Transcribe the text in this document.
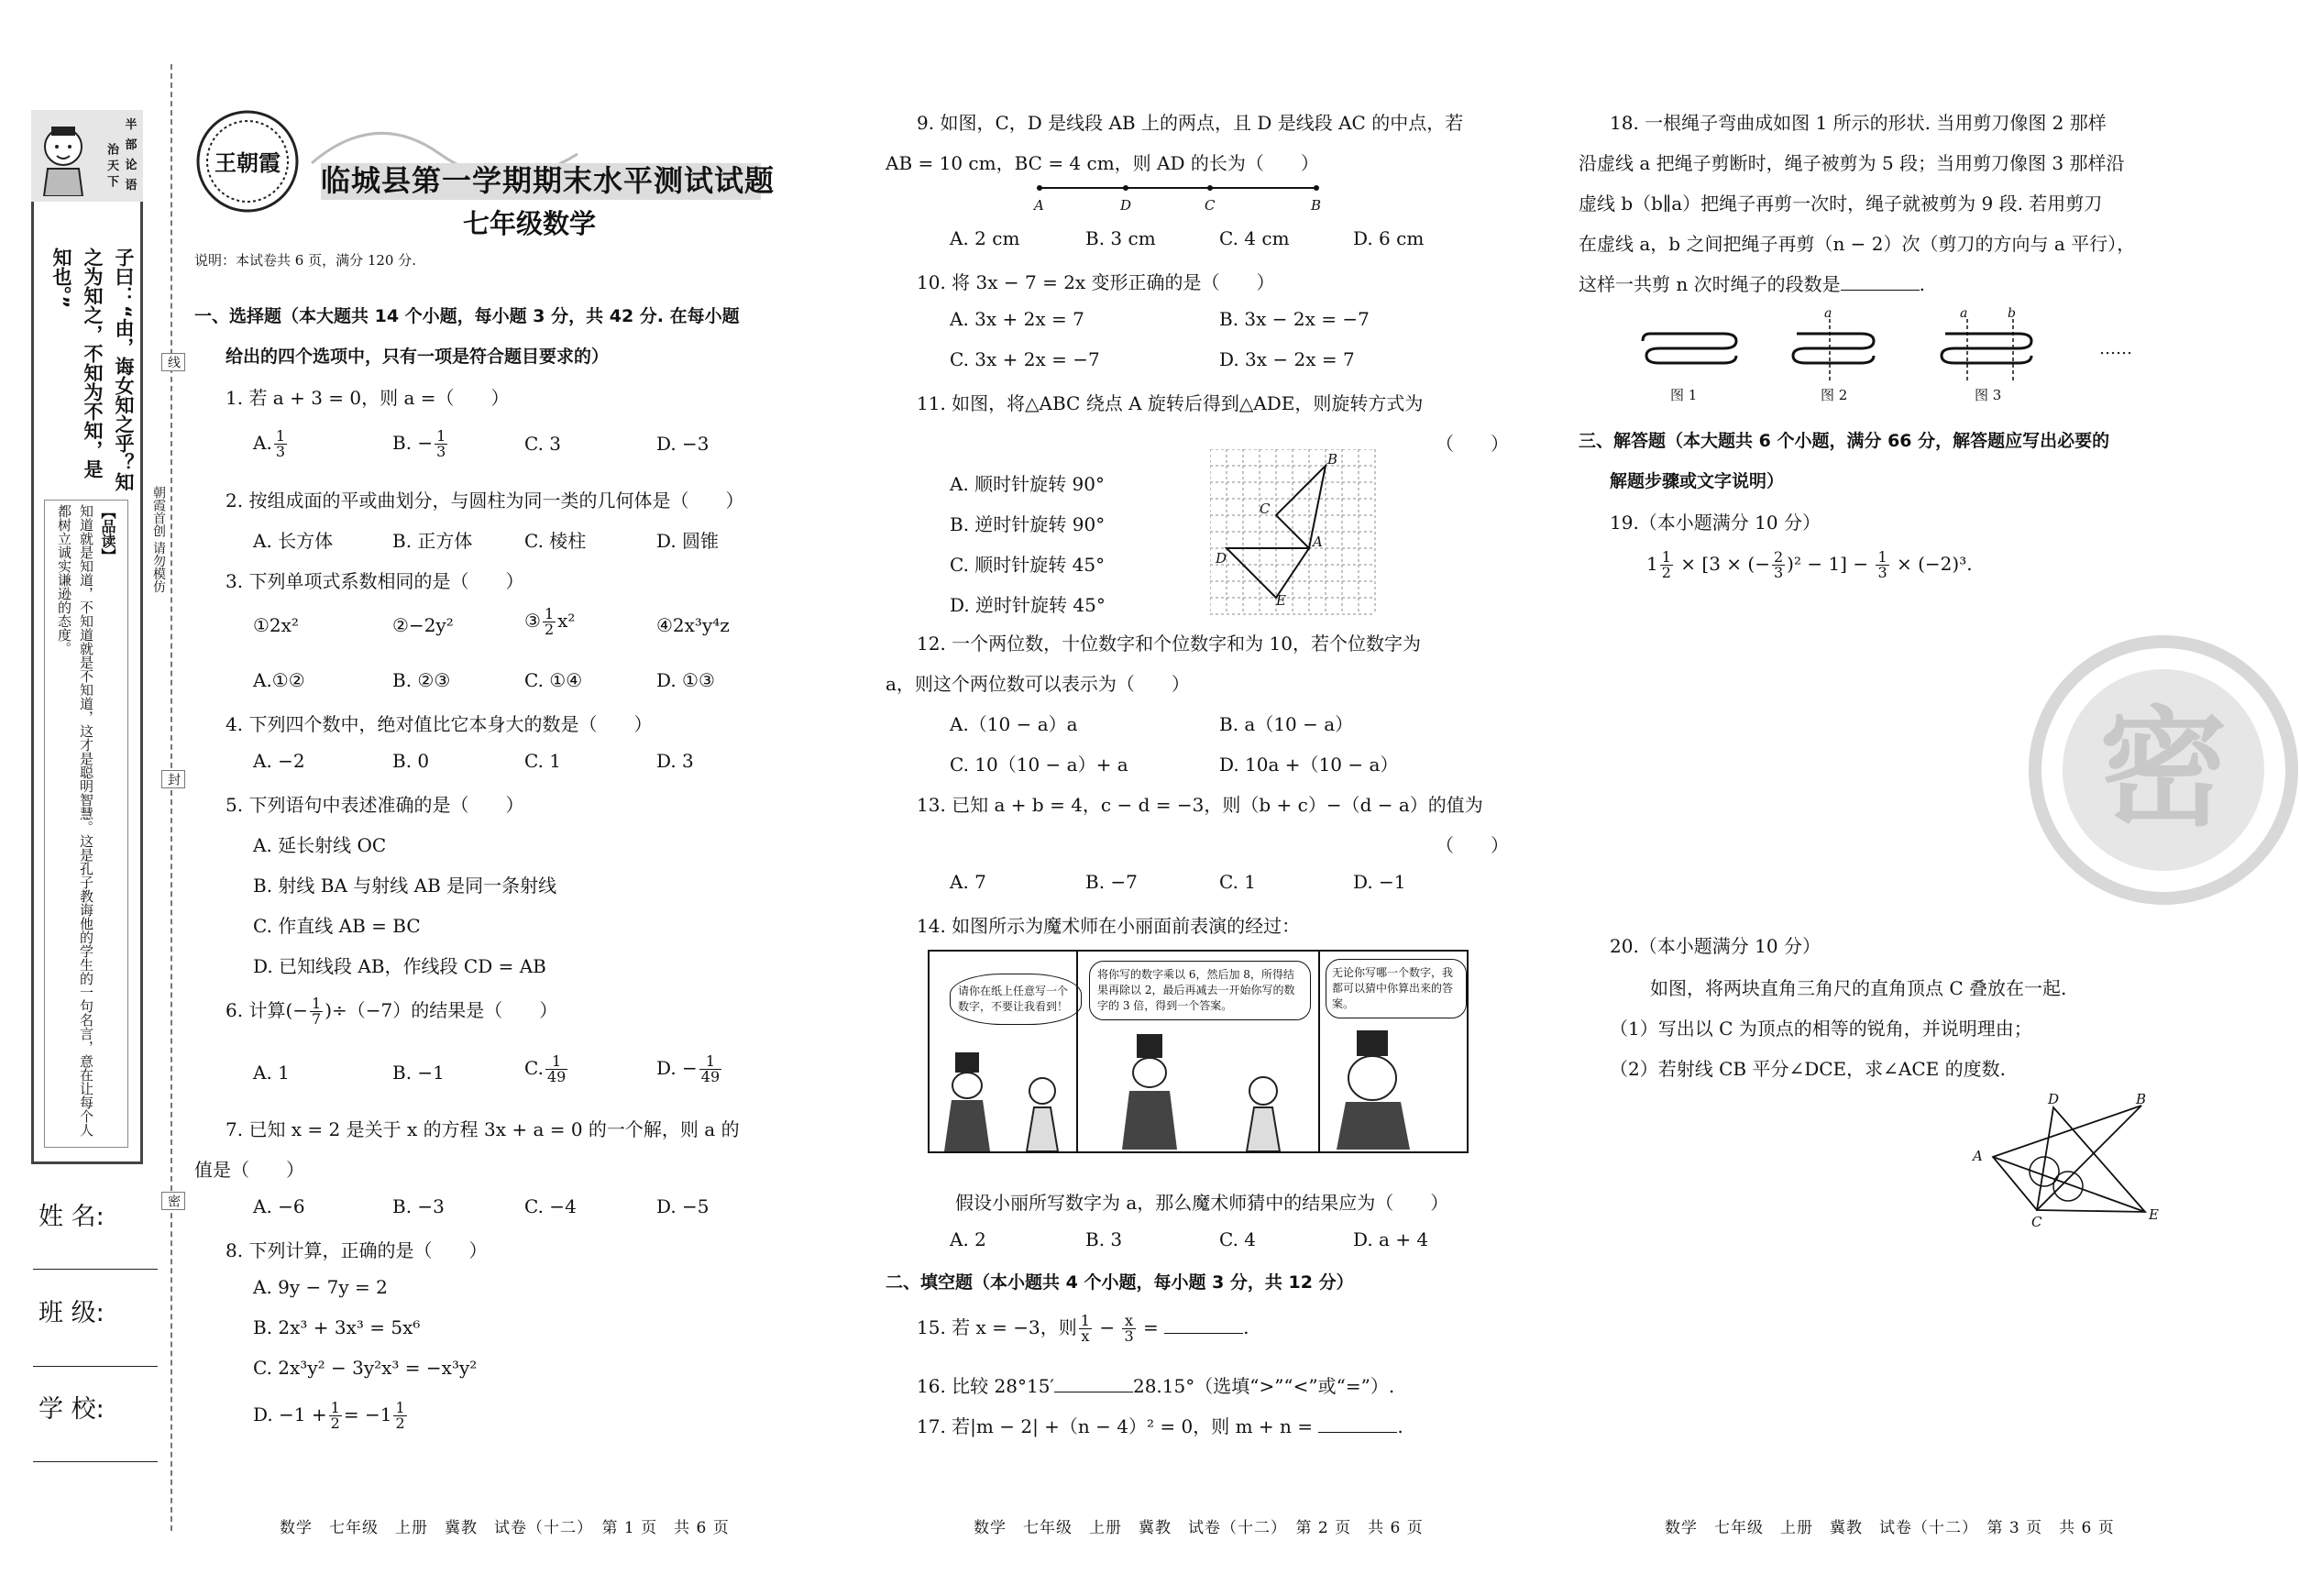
治 天 下
半
部
论
语
子曰：“由，诲女知之乎？知之为知之，不知为不知，是知也。”
【品读】
知道就是知道，不知道就是不知道，这才是聪明智慧。这是孔子教诲他的学生的一句名言，意在让每个人都树立诚实谦逊的态度。
线
封
密
朝霞首创 请勿模仿
姓 名:
班 级:
学 校:
王朝霞
临城县第一学期期末水平测试试题
七年级数学
说明：本试卷共 6 页，满分 120 分.
一、选择题（本大题共 14 个小题，每小题 3 分，共 42 分. 在每小题
给出的四个选项中，只有一项是符合题目要求的）
1. 若 a + 3 = 0，则 a =（　　）
A. $\frac{1}{3}$	B. − $\frac{1}{3}$	C. 3	D. −3
2. 按组成面的平或曲划分，与圆柱为同一类的几何体是（　　）
A. 长方体	B. 正方体	C. 棱柱	D. 圆锥
3. 下列单项式系数相同的是（　　）
①2x²	②−2y²	③ $\frac{1}{2} x^2$	④2x³y⁴z
A.①②	B. ②③	C. ①④	D. ①③
4. 下列四个数中，绝对值比它本身大的数是（　　）
A. −2	B. 0	C. 1	D. 3
5. 下列语句中表述准确的是（　　）
A. 延长射线 OC
B. 射线 BA 与射线 AB 是同一条射线
C. 作直线 AB = BC
D. 已知线段 AB，作线段 CD = AB
6. 计算(− $\frac{1}{7} )\div(-7)$的结果是（　　）
A. 1	B. −1	C. $\frac{1}{49}$	D. − $\frac{1}{49}$
7. 已知 x = 2 是关于 x 的方程 3x + a = 0 的一个解，则 a 的
值是（　　）
A. −6	B. −3	C. −4	D. −5
8. 下列计算，正确的是（　　）
A. 9y − 7y = 2
B. 2x³ + 3x³ = 5x⁶
C. 2x³y² − 3y²x³ = −x³y²
D. $-1 + \frac{1}{2} = -1 \frac{1}{2}$
数学　七年级　上册　冀教　试卷（十二）　第 1 页　共 6 页
9. 如图，C，D 是线段 AB 上的两点，且 D 是线段 AC 的中点，若
AB = 10 cm，BC = 4 cm，则 AD 的长为（　　）
A	D	C	B
A. 2 cm	B. 3 cm	C. 4 cm	D. 6 cm
10. 将 3x − 7 = 2x 变形正确的是（　　）
A. 3x + 2x = 7	B. 3x − 2x = −7
C. 3x + 2x = −7	D. 3x − 2x = 7
11. 如图，将△ABC 绕点 A 旋转后得到△ADE，则旋转方式为
（　　）
A. 顺时针旋转 90°
B. 逆时针旋转 90°
C. 顺时针旋转 45°
D. 逆时针旋转 45°
B
C
A
D
E
12. 一个两位数，十位数字和个位数字和为 10，若个位数字为
a，则这个两位数可以表示为（　　）
A.（10 − a）a	B. a（10 − a）
C. 10（10 − a）+ a	D. 10a +（10 − a）
13. 已知 a + b = 4，c − d = −3，则（b + c）−（d − a）的值为
（　　）
A. 7	B. −7	C. 1	D. −1
14. 如图所示为魔术师在小丽面前表演的经过：
请你在纸上任意写一个数字，不要让我看到！
将你写的数字乘以 6，然后加 8，所得结果再除以 2，最后再减去一开始你写的数字的 3 倍，得到一个答案。
无论你写哪一个数字，我都可以猜中你算出来的答案。
假设小丽所写数字为 a，那么魔术师猜中的结果应为（　　）
A. 2	B. 3	C. 4	D. a + 4
二、填空题（本小题共 4 个小题，每小题 3 分，共 12 分）
15. 若 x = −3，则 $\frac{1}{x} - \frac{x}{3}$ =	.
16. 比较 28°15′	28.15°（选填“>”“<”或“=”）.
17. 若|m − 2| +（n − 4）² = 0，则 m + n =	.
数学　七年级　上册　冀教　试卷（十二）　第 2 页　共 6 页
密
18. 一根绳子弯曲成如图 1 所示的形状. 当用剪刀像图 2 那样
沿虚线 a 把绳子剪断时，绳子被剪为 5 段；当用剪刀像图 3 那样沿
虚线 b（b∥a）把绳子再剪一次时，绳子就被剪为 9 段. 若用剪刀
在虚线 a，b 之间把绳子再剪（n − 2）次（剪刀的方向与 a 平行），
这样一共剪 n 次时绳子的段数是	.
a	a	b
图 1	图 2	图 3
……
三、解答题（本大题共 6 个小题，满分 66 分，解答题应写出必要的
解题步骤或文字说明）
19.（本小题满分 10 分）
$1 \frac{1}{2} \times [3$ × (− $\frac{2}{3} )^2 - 1] - \frac{1}{3} \times (-2)^3$.
20.（本小题满分 10 分）
如图，将两块直角三角尺的直角顶点 C 叠放在一起.
（1）写出以 C 为顶点的相等的锐角，并说明理由；
（2）若射线 CB 平分∠DCE，求∠ACE 的度数.
D	B
A
C	E
数学　七年级　上册　冀教　试卷（十二）　第 3 页　共 6 页
